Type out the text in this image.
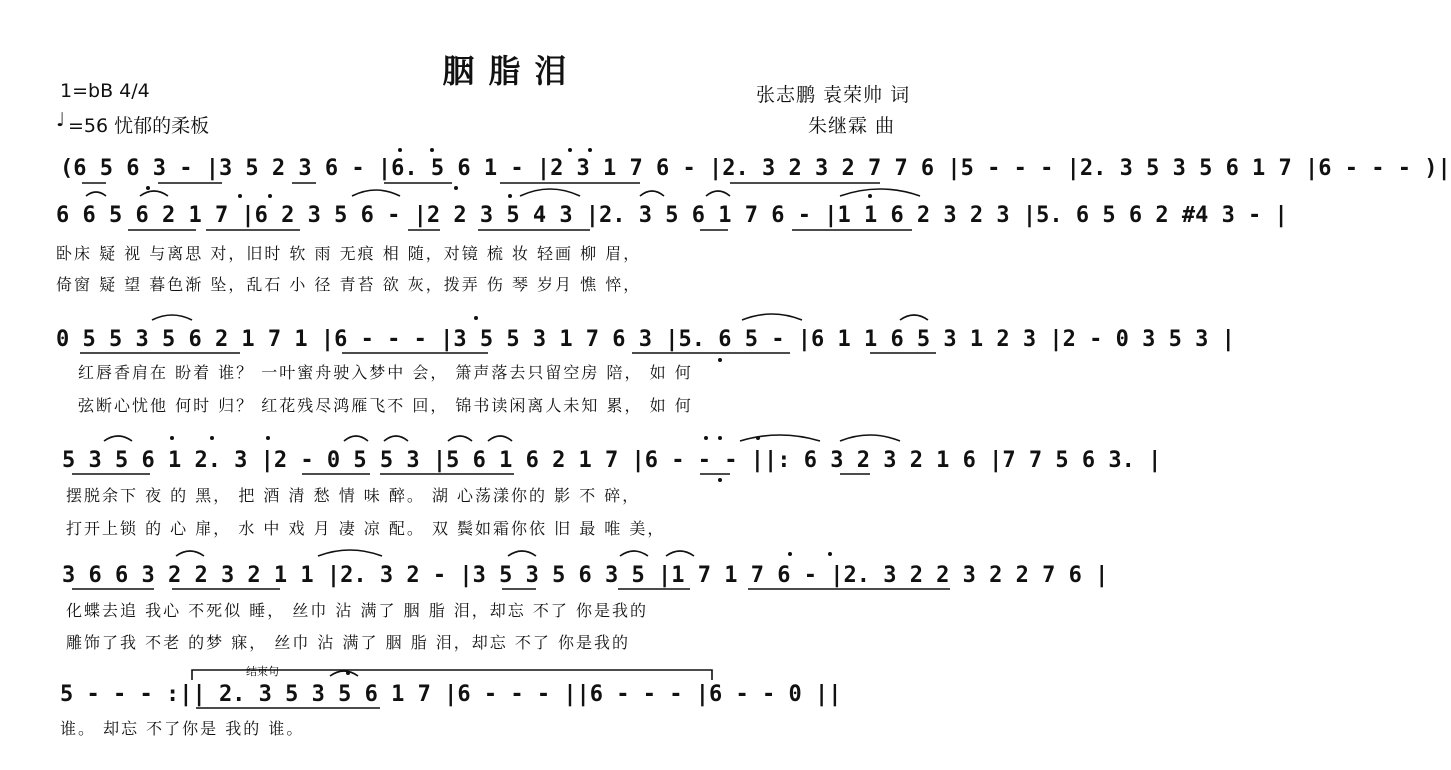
胭脂泪
1=bB 4/4
♩ =56 忧郁的柔板
张志鹏 袁荣帅 词
朱继霖 曲
(6 5 6 3 - |3 5 2 3 6 - |6. 5 6 1 - |2 3 1 7 6 - |2. 3 2 3 2 7 7 6 |5 - - - |2. 3 5 3 5 6 1 7 |6 - - - )|
6 6 5 6 2 1 7 |6 2 3 5 6 - |2 2 3 5 4 3 |2. 3 5 6 1 7 6 - |1 1 6 2 3 2 3 |5. 6 5 6 2 #4 3 - |
卧床 疑 视 与离思 对，旧时 软 雨 无痕 相 随，对镜 梳 妆 轻画 柳 眉，
倚窗 疑 望 暮色渐 坠，乱石 小 径 青苔 欲 灰，拨弄 伤 琴 岁月 憔 悴，
0 5 5 3 5 6 2 1 7 1 |6 - - - |3 5 5 3 1 7 6 3 |5. 6 5 - |6 1 1 6 5 3 1 2 3 |2 - 0 3 5 3 |
红唇香肩在 盼着 谁？ 一叶蜜舟驶入梦中 会， 箫声落去只留空房 陪， 如 何
弦断心忧他 何时 归？ 红花残尽鸿雁飞不 回， 锦书读闲离人未知 累， 如 何
5 3 5 6 1 2. 3 |2 - 0 5 5 3 |5 6 1 6 2 1 7 |6 - - - ||: 6 3 2 3 2 1 6 |7 7 5 6 3. |
摆脱余下 夜 的 黑， 把 酒 清 愁 情 味 醉。 湖 心荡漾你的 影 不 碎，
打开上锁 的 心 扉， 水 中 戏 月 凄 凉 配。 双 鬓如霜你依 旧 最 唯 美，
3 6 6 3 2 2 3 2 1 1 |2. 3 2 - |3 5 3 5 6 3 5 |1 7 1 7 6 - |2. 3 2 2 3 2 2 7 6 |
化蝶去追 我心 不死似 睡， 丝巾 沾 满了 胭 脂 泪，却忘 不了 你是我的
雕饰了我 不老 的梦 寐， 丝巾 沾 满了 胭 脂 泪，却忘 不了 你是我的
结束句
5 - - - :|| 2. 3 5 3 5 6 1 7 |6 - - - ||6 - - - |6 - - 0 ||
谁。 却忘 不了你是 我的 谁。
